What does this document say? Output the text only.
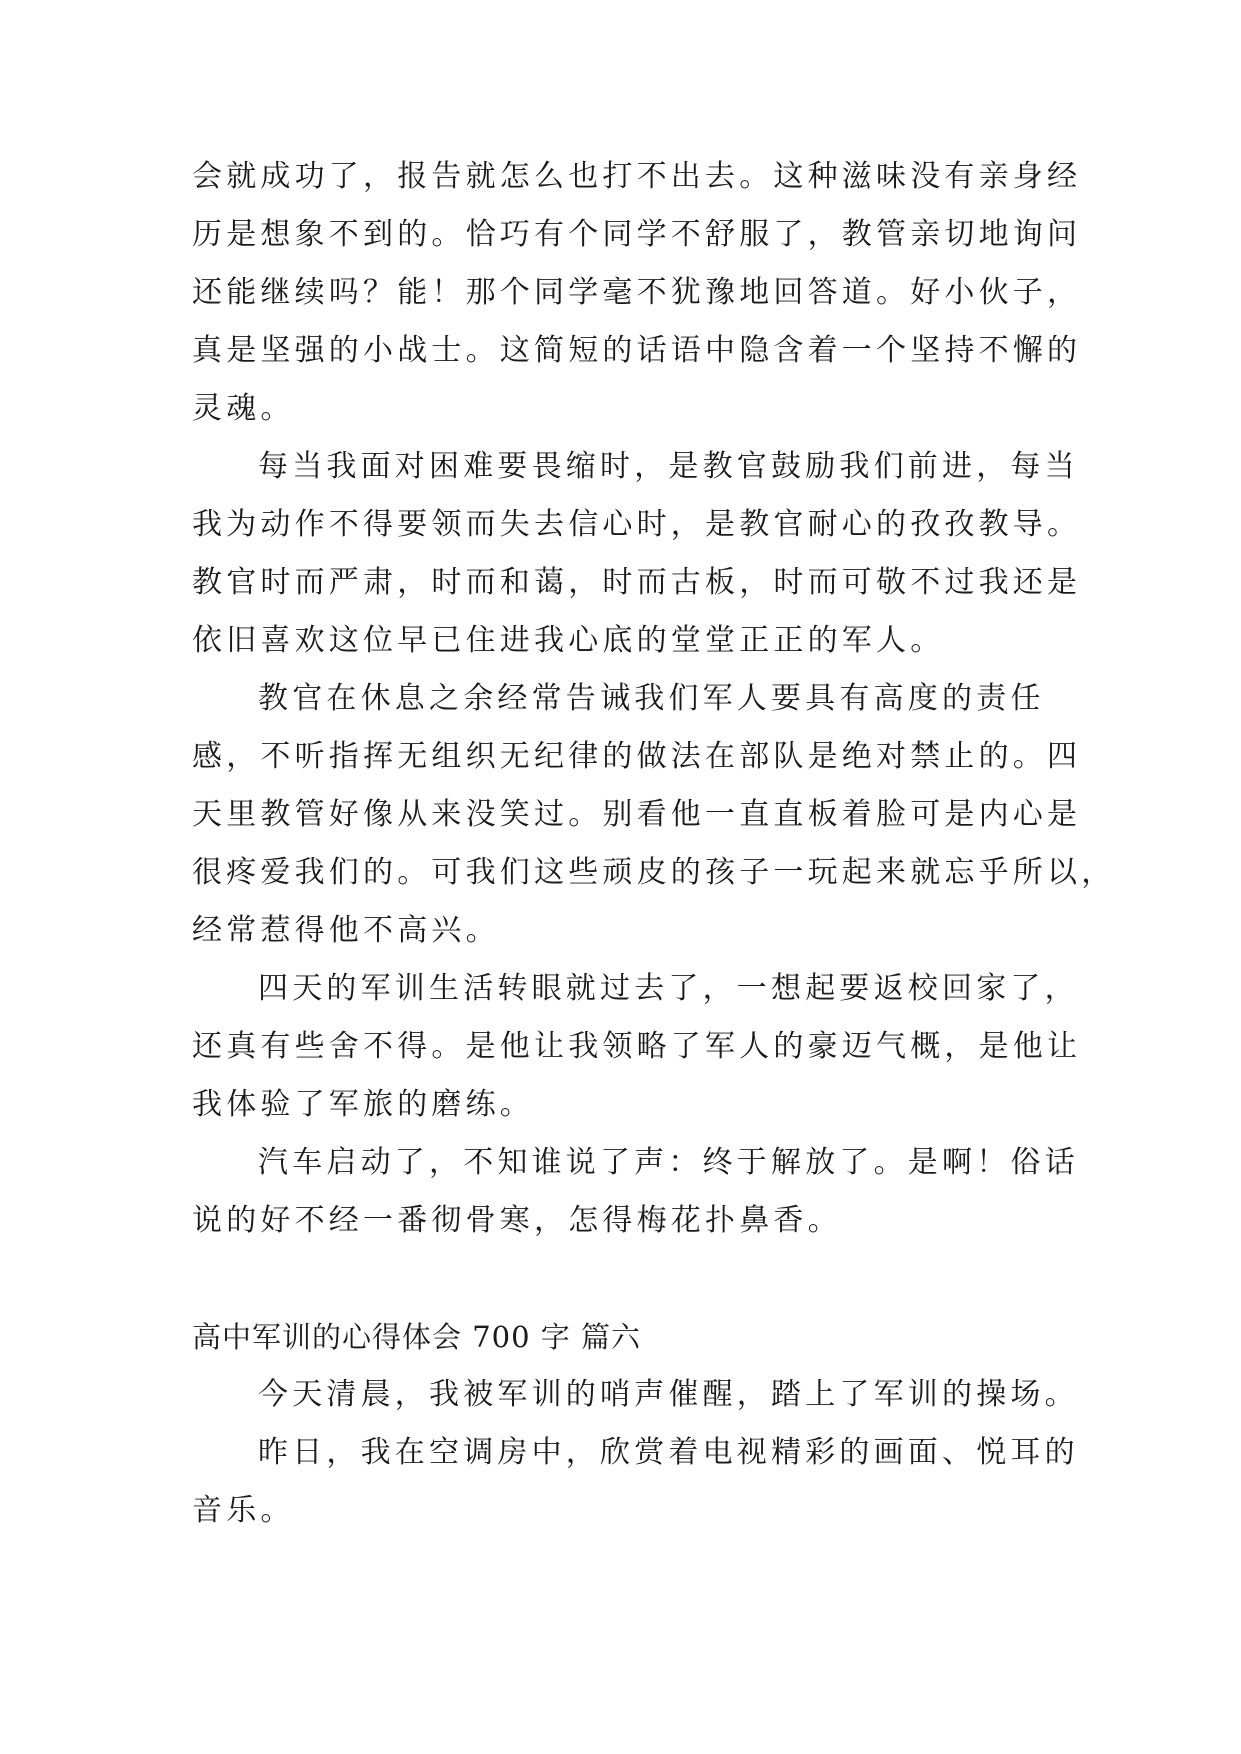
会就成功了，报告就怎么也打不出去。这种滋味没有亲身经
历是想象不到的。恰巧有个同学不舒服了，教管亲切地询问
还能继续吗？能！那个同学毫不犹豫地回答道。好小伙子，
真是坚强的小战士。这简短的话语中隐含着一个坚持不懈的
灵魂。
每当我面对困难要畏缩时，是教官鼓励我们前进，每当
我为动作不得要领而失去信心时，是教官耐心的孜孜教导。
教官时而严肃，时而和蔼，时而古板，时而可敬不过我还是
依旧喜欢这位早已住进我心底的堂堂正正的军人。
教官在休息之余经常告诫我们军人要具有高度的责任
感，不听指挥无组织无纪律的做法在部队是绝对禁止的。四
天里教管好像从来没笑过。别看他一直直板着脸可是内心是
很疼爱我们的。可我们这些顽皮的孩子一玩起来就忘乎所以，
经常惹得他不高兴。
四天的军训生活转眼就过去了，一想起要返校回家了，
还真有些舍不得。是他让我领略了军人的豪迈气概，是他让
我体验了军旅的磨练。
汽车启动了，不知谁说了声：终于解放了。是啊！俗话
说的好不经一番彻骨寒，怎得梅花扑鼻香。
高中军训的心得体会 700 字 篇六
今天清晨，我被军训的哨声催醒，踏上了军训的操场。
昨日，我在空调房中，欣赏着电视精彩的画面、悦耳的
音乐。
